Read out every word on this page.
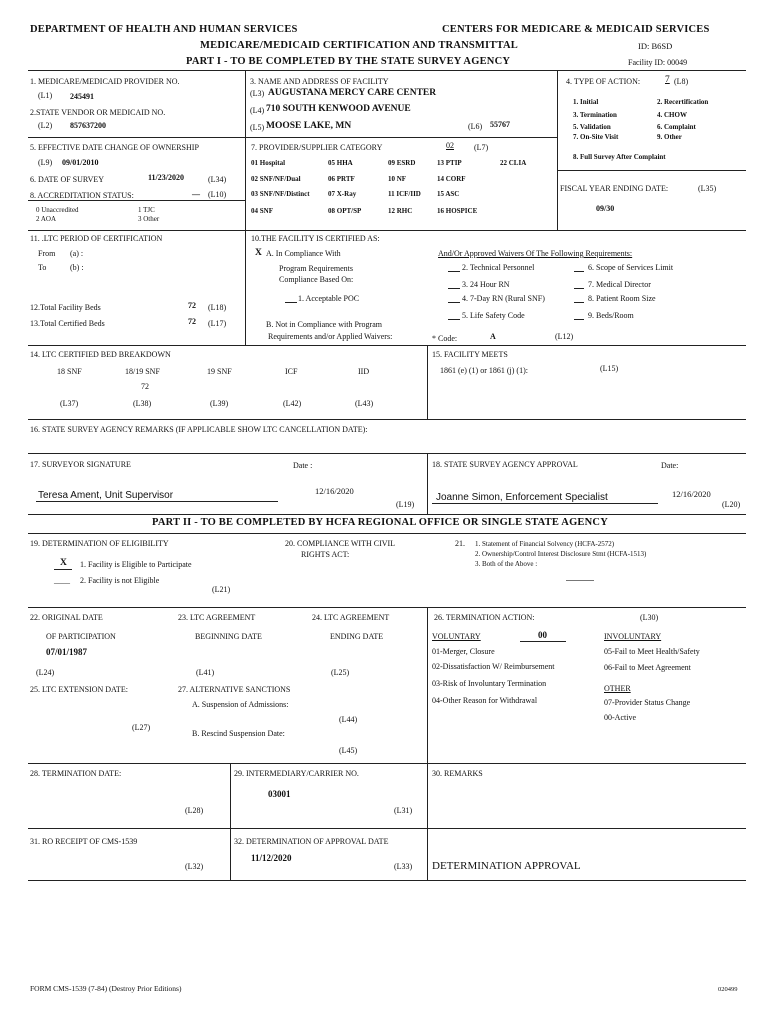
DEPARTMENT OF HEALTH AND HUMAN SERVICES	CENTERS FOR MEDICARE & MEDICAID SERVICES
MEDICARE/MEDICAID CERTIFICATION AND TRANSMITTAL	ID: B6SD
PART I - TO BE COMPLETED BY THE STATE SURVEY AGENCY	Facility ID: 00049
1. MEDICARE/MEDICAID PROVIDER NO.
(L1) 245491
2.STATE VENDOR OR MEDICAID NO.
(L2) 857637200
3. NAME AND ADDRESS OF FACILITY
(L3) AUGUSTANA MERCY CARE CENTER
(L4) 710 SOUTH KENWOOD AVENUE
(L5) MOOSE LAKE, MN	(L6) 55767
4. TYPE OF ACTION:	7 (L8)
1. Initial	2. Recertification
3. Termination	4. CHOW
5. Validation	6. Complaint
7. On-Site Visit	9. Other
8. Full Survey After Complaint
5. EFFECTIVE DATE CHANGE OF OWNERSHIP
(L9) 09/01/2010
6. DATE OF SURVEY	11/23/2020	(L34)
8. ACCREDITATION STATUS:	__ (L10)
0 Unaccredited	1 TJC
2 AOA	3 Other
7. PROVIDER/SUPPLIER CATEGORY	02	(L7)
01 Hospital	05 HHA	09 ESRD	13 PTIP	22 CLIA
02 SNF/NF/Dual	06 PRTF	10 NF	14 CORF
03 SNF/NF/Distinct	07 X-Ray	11 ICF/IID 15 ASC
04 SNF	08 OPT/SP	12 RHC	16 HOSPICE
FISCAL YEAR ENDING DATE:	(L35)
09/30
11. .LTC PERIOD OF CERTIFICATION
From (a) :
To	(b) :
12.Total Facility Beds	72 (L18)
13.Total Certified Beds	72 (L17)
10.THE FACILITY IS CERTIFIED AS:
X A. In Compliance With
Program Requirements
Compliance Based On:
1. Acceptable POC
B. Not in Compliance with Program
Requirements and/or Applied Waivers:
And/Or Approved Waivers Of The Following Requirements:
2. Technical Personnel
3. 24 Hour RN
4. 7-Day RN (Rural SNF)
5. Life Safety Code
6. Scope of Services Limit
7. Medical Director
8. Patient Room Size
9. Beds/Room
* Code:	A	(L12)
14. LTC CERTIFIED BED BREAKDOWN
18 SNF	18/19 SNF	19 SNF	ICF	IID
72
(L37)	(L38)	(L39)	(L42)	(L43)
15. FACILITY MEETS
1861 (e) (1) or 1861 (j) (1):	(L15)
16. STATE SURVEY AGENCY REMARKS (IF APPLICABLE SHOW LTC CANCELLATION DATE):
17. SURVEYOR SIGNATURE	Date :
Teresa Ament, Unit Supervisor	12/16/2020
(L19)
18. STATE SURVEY AGENCY APPROVAL	Date:
Joanne Simon, Enforcement Specialist	12/16/2020
(L20)
PART II - TO BE COMPLETED BY HCFA REGIONAL OFFICE OR SINGLE STATE AGENCY
19. DETERMINATION OF ELIGIBILITY
X 1. Facility is Eligible to Participate
____ 2. Facility is not Eligible
(L21)
20. COMPLIANCE WITH CIVIL
RIGHTS ACT:
21. 1. Statement of Financial Solvency (HCFA-2572)
2. Ownership/Control Interest Disclosure Stmt (HCFA-1513)
3. Both of the Above :
22. ORIGINAL DATE
OF PARTICIPATION
07/01/1987
(L24)
23. LTC AGREEMENT
BEGINNING DATE
(L41)
24. LTC AGREEMENT
ENDING DATE
(L25)
25. LTC EXTENSION DATE:
(L27)
27. ALTERNATIVE SANCTIONS
A. Suspension of Admissions:
(L44)
B. Rescind Suspension Date:
(L45)
26. TERMINATION ACTION:	(L30)
VOLUNTARY	00	INVOLUNTARY
01-Merger, Closure
02-Dissatisfaction W/ Reimbursement
03-Risk of Involuntary Termination
04-Other Reason for Withdrawal
05-Fail to Meet Health/Safety
06-Fail to Meet Agreement
OTHER
07-Provider Status Change
00-Active
28. TERMINATION DATE:
(L28)
29. INTERMEDIARY/CARRIER NO.
03001
(L31)
30. REMARKS
31. RO RECEIPT OF CMS-1539
(L32)
32. DETERMINATION OF APPROVAL DATE
11/12/2020
(L33) DETERMINATION APPROVAL
FORM CMS-1539 (7-84) (Destroy Prior Editions)	020499
